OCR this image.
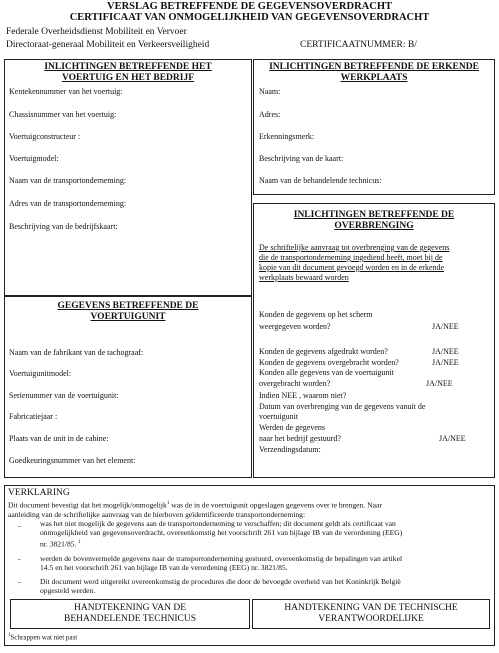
VERSLAG BETREFFENDE DE GEGEVENSOVERDRACHT
CERTIFICAAT VAN ONMOGELIJKHEID VAN GEGEVENSOVERDRACHT
Federale Overheidsdienst Mobiliteit en Vervoer
Directoraat-generaal Mobiliteit en Verkeersveiligheid	CERTIFICAATNUMMER: B/
INLICHTINGEN BETREFFENDE HET
VOERTUIG EN HET BEDRIJF
Kentekennummer van het voertuig:
Chassisnummer van het voertuig:
Voertuigconstructeur :
Voertuigmodel:
Naam van de transportonderneming:
Adres van de transportonderneming:
Beschrijving van de bedrijfskaart:
INLICHTINGEN BETREFFENDE DE ERKENDE
WERKPLAATS
Naam:
Adres:
Erkenningsmerk:
Beschrijving van de kaart:
Naam van de behandelende technicus:
INLICHTINGEN BETREFFENDE DE
OVERBRENGING
De schriftelijke aanvraag tot overbrenging van de gegevens
die de transportonderneming ingediend heeft, moet bij de
kopie van dit document gevoegd worden en in de erkende
werkplaats bewaard worden
GEGEVENS BETREFFENDE DE
VOERTUIGUNIT
Naam van de fabrikant van de tachograaf:
Voertuigunitmodel:
Serienummer van de voertuigunit:
Fabricatiejaar :
Plaats van de unit in de cabine:
Goedkeuringsnummer van het element:
Konden de gegevens op het scherm
weergegeven worden?	JA/NEE
Konden de gegevens afgedrukt worden?	JA/NEE
Konden de gegevens overgebracht worden?	JA/NEE
Konden alle gegevens van de voertuigunit
overgebracht worden?	JA/NEE
Indien NEE , waarom niet?
Datum van overbrenging van de gegevens vanuit de
voertuigunit
Werden de gegevens
naar het bedrijf gestuurd?	JA/NEE
Verzendingsdatum:
VERKLARING
Dit document bevestigt dat het mogelijk/onmogelijk$^1$ was de in de voertuigunit opgeslagen gegevens over te brengen. Naar
aanleiding van de schriftelijke aanvraag van de hierboven geïdentificeerde transportonderneming:
-	was het niet mogelijk de gegevens aan de transportonderneming te verschaffen; dit document geldt als certificaat van
onmogelijkheid van gegevensoverdracht, overeenkomstig het voorschrift 261 van bijlage IB van de verordening (EEG)
nr. 3821/85. $^1$
-	werden de bovenvermelde gegevens naar de transportonderneming gestuurd, overeenkomstig de bepalingen van artikel
14.5 en het voorschrift 261 van bijlage IB van de verordening (EEG) nr. 3821/85.
-	Dit document werd uitgereikt overeenkomstig de procedures die door de bevoegde overheid van het Koninkrijk België
opgesteld werden.
HANDTEKENING VAN DE
BEHANDELENDE TECHNICUS
HANDTEKENING VAN DE TECHNISCHE
VERANTWOORDELIJKE
$^1$Schrappen wat niet past
